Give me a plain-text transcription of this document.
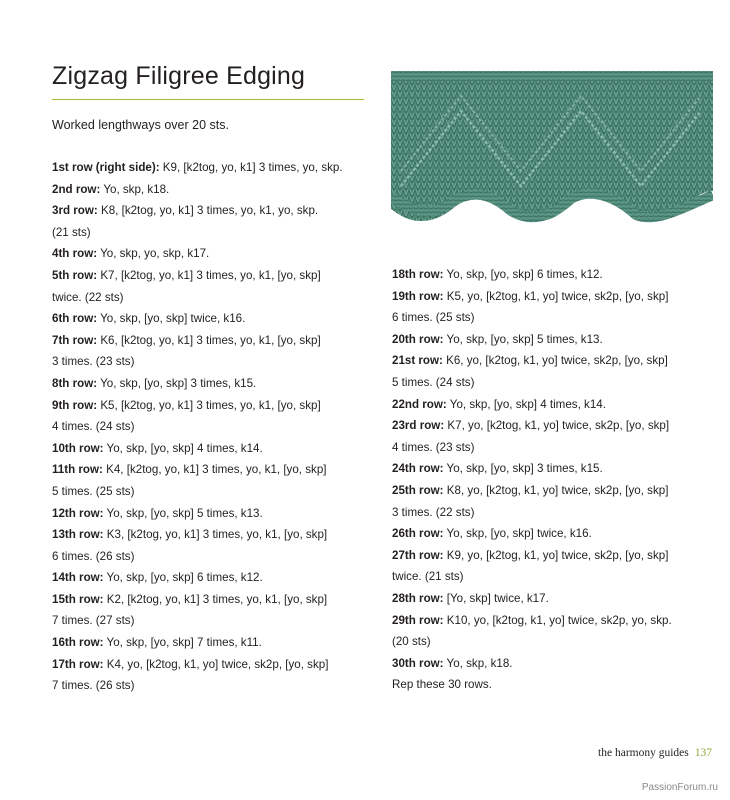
Zigzag Filigree Edging
Worked lengthways over 20 sts.
1st row (right side): K9, [k2tog, yo, k1] 3 times, yo, skp.
2nd row: Yo, skp, k18.
3rd row: K8, [k2tog, yo, k1] 3 times, yo, k1, yo, skp.
(21 sts)
4th row: Yo, skp, yo, skp, k17.
5th row: K7, [k2tog, yo, k1] 3 times, yo, k1, [yo, skp]
twice. (22 sts)
6th row: Yo, skp, [yo, skp] twice, k16.
7th row: K6, [k2tog, yo, k1] 3 times, yo, k1, [yo, skp]
3 times. (23 sts)
8th row: Yo, skp, [yo, skp] 3 times, k15.
9th row: K5, [k2tog, yo, k1] 3 times, yo, k1, [yo, skp]
4 times. (24 sts)
10th row: Yo, skp, [yo, skp] 4 times, k14.
11th row: K4, [k2tog, yo, k1] 3 times, yo, k1, [yo, skp]
5 times. (25 sts)
12th row: Yo, skp, [yo, skp] 5 times, k13.
13th row: K3, [k2tog, yo, k1] 3 times, yo, k1, [yo, skp]
6 times. (26 sts)
14th row: Yo, skp, [yo, skp] 6 times, k12.
15th row: K2, [k2tog, yo, k1] 3 times, yo, k1, [yo, skp]
7 times. (27 sts)
16th row: Yo, skp, [yo, skp] 7 times, k11.
17th row: K4, yo, [k2tog, k1, yo] twice, sk2p, [yo, skp]
7 times. (26 sts)
18th row: Yo, skp, [yo, skp] 6 times, k12.
19th row: K5, yo, [k2tog, k1, yo] twice, sk2p, [yo, skp]
6 times. (25 sts)
20th row: Yo, skp, [yo, skp] 5 times, k13.
21st row: K6, yo, [k2tog, k1, yo] twice, sk2p, [yo, skp]
5 times. (24 sts)
22nd row: Yo, skp, [yo, skp] 4 times, k14.
23rd row: K7, yo, [k2tog, k1, yo] twice, sk2p, [yo, skp]
4 times. (23 sts)
24th row: Yo, skp, [yo, skp] 3 times, k15.
25th row: K8, yo, [k2tog, k1, yo] twice, sk2p, [yo, skp]
3 times. (22 sts)
26th row: Yo, skp, [yo, skp] twice, k16.
27th row: K9, yo, [k2tog, k1, yo] twice, sk2p, [yo, skp]
twice. (21 sts)
28th row: [Yo, skp] twice, k17.
29th row: K10, yo, [k2tog, k1, yo] twice, sk2p, yo, skp.
(20 sts)
30th row: Yo, skp, k18.
Rep these 30 rows.
the harmony guides 137
PassionForum.ru
